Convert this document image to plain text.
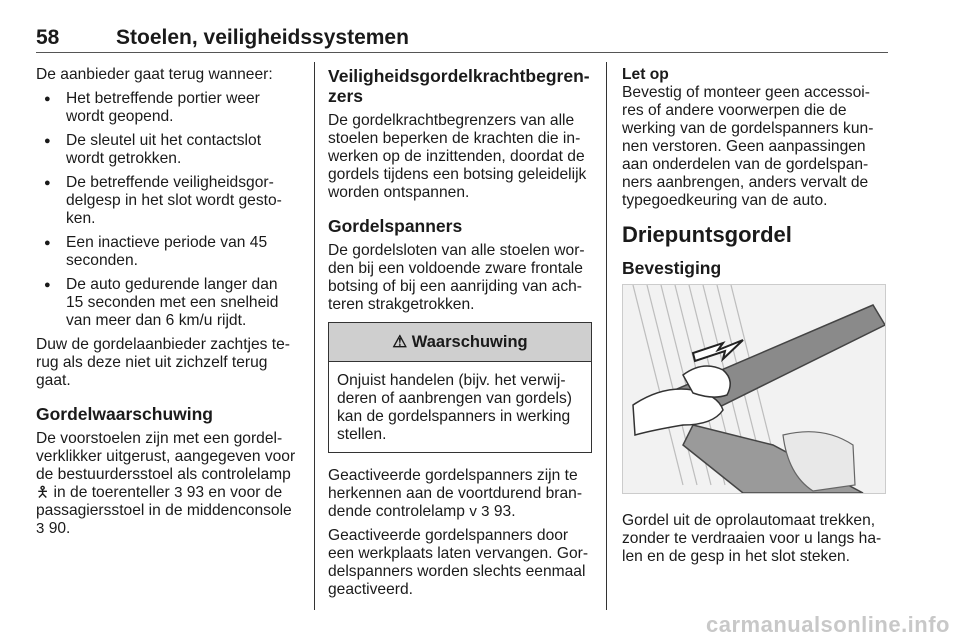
58	Stoelen, veiligheidssystemen

De aanbieder gaat terug wanneer:

● Het betreffende portier weer wordt geopend.
● De sleutel uit het contactslot wordt getrokken.
● De betreffende veiligheidsgor-delgesp in het slot wordt gesto-ken.
● Een inactieve periode van 45 seconden.
● De auto gedurende langer dan 15 seconden met een snelheid van meer dan 6 km/u rijdt.

Duw de gordelaanbieder zachtjes te-rug als deze niet uit zichzelf terug gaat.

Gordelwaarschuwing

De voorstoelen zijn met een gordel-verklikker uitgerust, aangegeven voor de bestuurdersstoel als controlelamp 🯅 in de toerenteller 3 93 en voor de passagiersstoel in de middenconsole 3 90.

Veiligheidsgordelkrachtbegren-zers

De gordelkrachtbegrenzers van alle stoelen beperken de krachten die in-werken op de inzittenden, doordat de gordels tijdens een botsing geleidelijk worden ontspannen.

Gordelspanners

De gordelsloten van alle stoelen wor-den bij een voldoende zware frontale botsing of bij een aanrijding van ach-teren strakgetrokken.

⚠ Waarschuwing
Onjuist handelen (bijv. het verwij-deren of aanbrengen van gordels) kan de gordelspanners in werking stellen.

Geactiveerde gordelspanners zijn te herkennen aan de voortdurend bran-dende controlelamp v 3 93.

Geactiveerde gordelspanners door een werkplaats laten vervangen. Gor-delspanners worden slechts eenmaal geactiveerd.

Let op
Bevestig of monteer geen accessoi-res of andere voorwerpen die de werking van de gordelspanners kun-nen verstoren. Geen aanpassingen aan onderdelen van de gordelspan-ners aanbrengen, anders vervalt de typegoedkeuring van de auto.

Driepuntsgordel
Bevestiging

Gordel uit de oprolautomaat trekken, zonder te verdraaien voor u langs ha-len en de gesp in het slot steken.

carmanualsonline.info
